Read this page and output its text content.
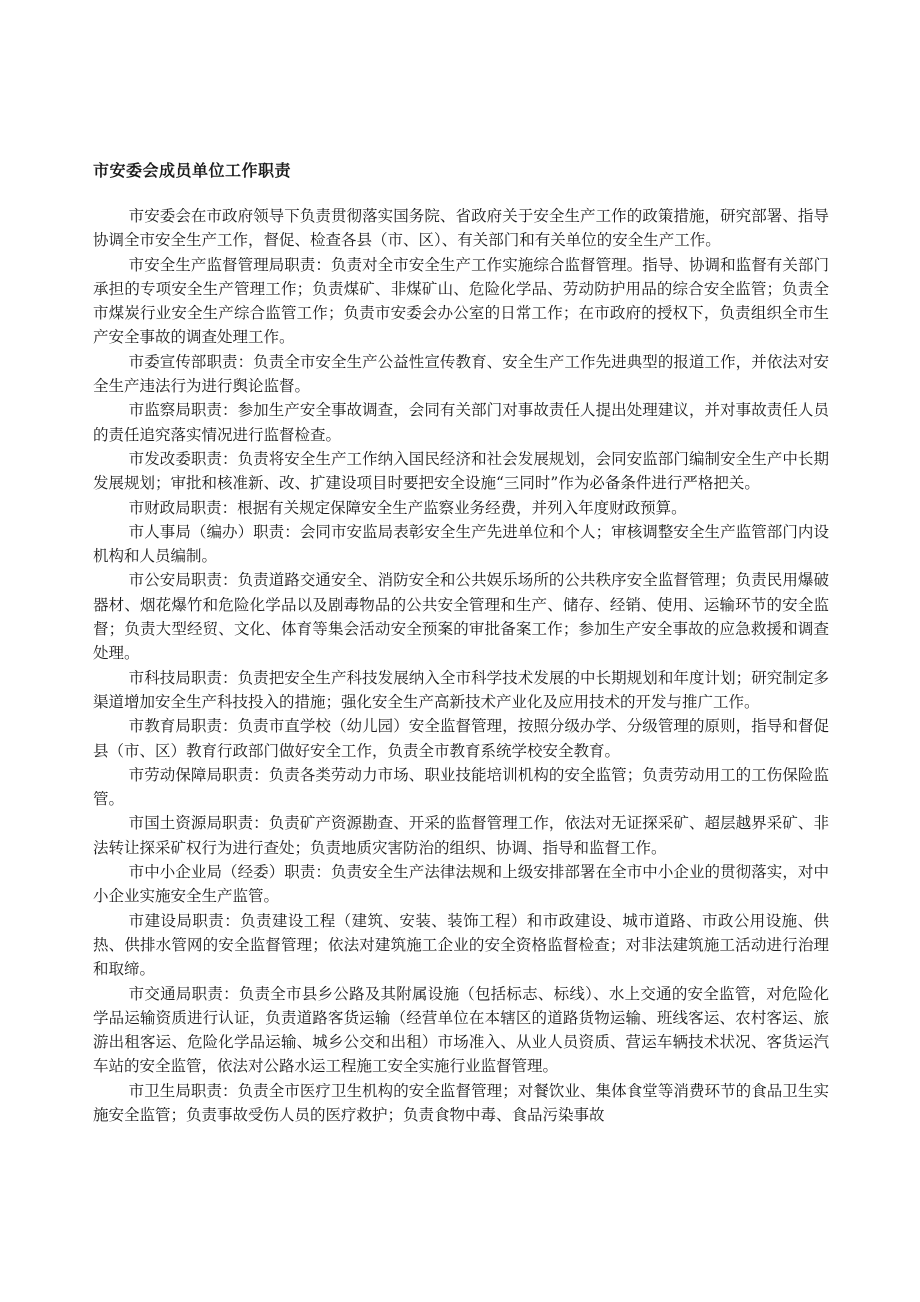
市安委会成员单位工作职责

市安委会在市政府领导下负责贯彻落实国务院、省政府关于安全生产工作的政策措施，研究部署、指导协调全市安全生产工作，督促、检查各县（市、区）、有关部门和有关单位的安全生产工作。

市安全生产监督管理局职责：负责对全市安全生产工作实施综合监督管理。指导、协调和监督有关部门承担的专项安全生产管理工作；负责煤矿、非煤矿山、危险化学品、劳动防护用品的综合安全监管；负责全市煤炭行业安全生产综合监管工作；负责市安委会办公室的日常工作；在市政府的授权下，负责组织全市生产安全事故的调查处理工作。

市委宣传部职责：负责全市安全生产公益性宣传教育、安全生产工作先进典型的报道工作，并依法对安全生产违法行为进行舆论监督。

市监察局职责：参加生产安全事故调查，会同有关部门对事故责任人提出处理建议，并对事故责任人员的责任追究落实情况进行监督检查。

市发改委职责：负责将安全生产工作纳入国民经济和社会发展规划，会同安监部门编制安全生产中长期发展规划；审批和核准新、改、扩建设项目时要把安全设施“三同时”作为必备条件进行严格把关。

市财政局职责：根据有关规定保障安全生产监察业务经费，并列入年度财政预算。

市人事局（编办）职责：会同市安监局表彰安全生产先进单位和个人；审核调整安全生产监管部门内设机构和人员编制。

市公安局职责：负责道路交通安全、消防安全和公共娱乐场所的公共秩序安全监督管理；负责民用爆破器材、烟花爆竹和危险化学品以及剧毒物品的公共安全管理和生产、储存、经销、使用、运输环节的安全监督；负责大型经贸、文化、体育等集会活动安全预案的审批备案工作；参加生产安全事故的应急救援和调查处理。

市科技局职责：负责把安全生产科技发展纳入全市科学技术发展的中长期规划和年度计划；研究制定多渠道增加安全生产科技投入的措施；强化安全生产高新技术产业化及应用技术的开发与推广工作。

市教育局职责：负责市直学校（幼儿园）安全监督管理，按照分级办学、分级管理的原则，指导和督促县（市、区）教育行政部门做好安全工作，负责全市教育系统学校安全教育。

市劳动保障局职责：负责各类劳动力市场、职业技能培训机构的安全监管；负责劳动用工的工伤保险监管。

市国土资源局职责：负责矿产资源勘查、开采的监督管理工作，依法对无证探采矿、超层越界采矿、非法转让探采矿权行为进行查处；负责地质灾害防治的组织、协调、指导和监督工作。

市中小企业局（经委）职责：负责安全生产法律法规和上级安排部署在全市中小企业的贯彻落实，对中小企业实施安全生产监管。

市建设局职责：负责建设工程（建筑、安装、装饰工程）和市政建设、城市道路、市政公用设施、供热、供排水管网的安全监督管理；依法对建筑施工企业的安全资格监督检查；对非法建筑施工活动进行治理和取缔。

市交通局职责：负责全市县乡公路及其附属设施（包括标志、标线）、水上交通的安全监管，对危险化学品运输资质进行认证，负责道路客货运输（经营单位在本辖区的道路货物运输、班线客运、农村客运、旅游出租客运、危险化学品运输、城乡公交和出租）市场准入、从业人员资质、营运车辆技术状况、客货运汽车站的安全监管，依法对公路水运工程施工安全实施行业监督管理。

市卫生局职责：负责全市医疗卫生机构的安全监督管理；对餐饮业、集体食堂等消费环节的食品卫生实施安全监管；负责事故受伤人员的医疗救护；负责食物中毒、食品污染事故
